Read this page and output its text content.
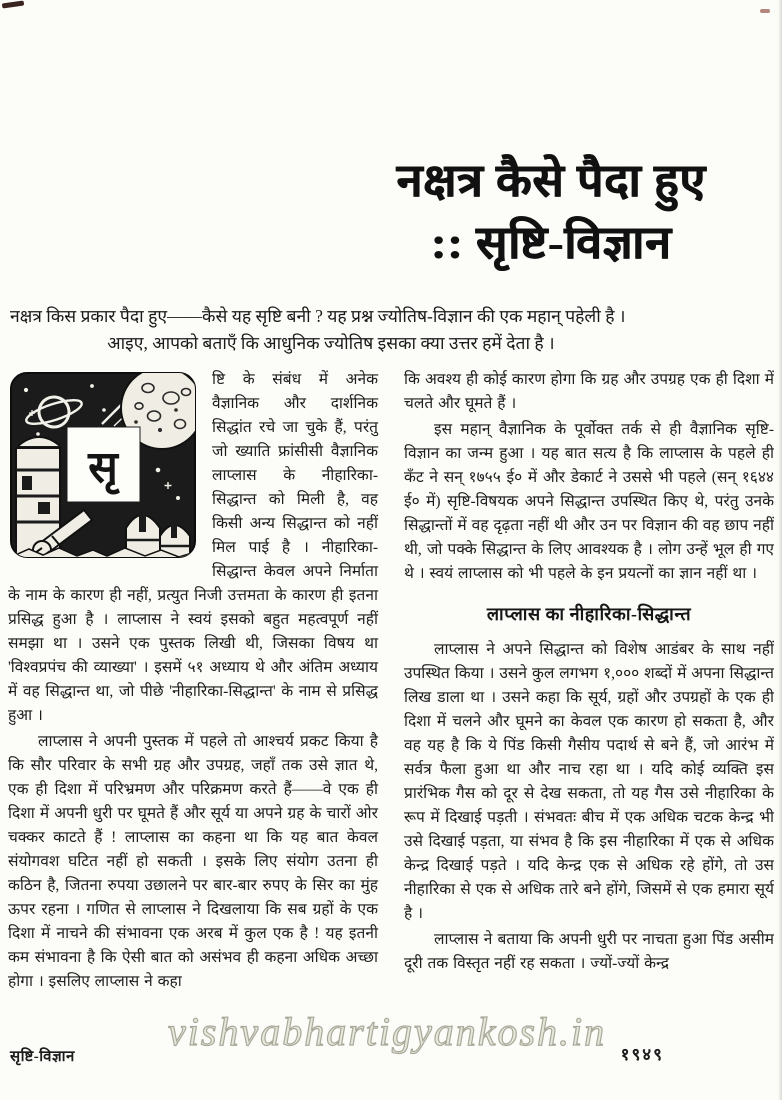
नक्षत्र कैसे पैदा हुए
:: सृष्टि-विज्ञान
नक्षत्र किस प्रकार पैदा हुए——कैसे यह सृष्टि बनी ? यह प्रश्न ज्योतिष-विज्ञान की एक महान् पहेली है ।
आइए, आपको बताएँ कि आधुनिक ज्योतिष इसका क्या उत्तर हमें देता है ।
सृ

ष्टि के संबंध में अनेक वैज्ञानिक और दार्शनिक सिद्धांत रचे जा चुके हैं, परंतु जो ख्याति फ्रांसीसी वैज्ञानिक लाप्लास के नीहारिका-सिद्धान्त को मिली है, वह किसी अन्य सिद्धान्त को नहीं मिल पाई है । नीहारिका-सिद्धान्त केवल अपने निर्माता के नाम के कारण ही नहीं, प्रत्युत निजी उत्तमता के कारण ही इतना प्रसिद्ध हुआ है । लाप्लास ने स्वयं इसको बहुत महत्वपूर्ण नहीं समझा था । उसने एक पुस्तक लिखी थी, जिसका विषय था 'विश्वप्रपंच की व्याख्या' । इसमें ५१ अध्याय थे और अंतिम अध्याय में वह सिद्धान्त था, जो पीछे 'नीहारिका-सिद्धान्त' के नाम से प्रसिद्ध हुआ ।

लाप्लास ने अपनी पुस्तक में पहले तो आश्चर्य प्रकट किया है कि सौर परिवार के सभी ग्रह और उपग्रह, जहाँ तक उसे ज्ञात थे, एक ही दिशा में परिभ्रमण और परिक्रमण करते हैं——वे एक ही दिशा में अपनी धुरी पर घूमते हैं और सूर्य या अपने ग्रह के चारों ओर चक्कर काटते हैं ! लाप्लास का कहना था कि यह बात केवल संयोगवश घटित नहीं हो सकती । इसके लिए संयोग उतना ही कठिन है, जितना रुपया उछालने पर बार-बार रुपए के सिर का मुंह ऊपर रहना । गणित से लाप्लास ने दिखलाया कि सब ग्रहों के एक दिशा में नाचने की संभावना एक अरब में कुल एक है ! यह इतनी कम संभावना है कि ऐसी बात को असंभव ही कहना अधिक अच्छा होगा । इसलिए लाप्लास ने कहा

कि अवश्य ही कोई कारण होगा कि ग्रह और उपग्रह एक ही दिशा में चलते और घूमते हैं ।

इस महान् वैज्ञानिक के पूर्वोक्त तर्क से ही वैज्ञानिक सृष्टि-विज्ञान का जन्म हुआ । यह बात सत्य है कि लाप्लास के पहले ही कँट ने सन् १७५५ ई० में और डेकार्ट ने उससे भी पहले (सन् १६४४ ई० में) सृष्टि-विषयक अपने सिद्धान्त उपस्थित किए थे, परंतु उनके सिद्धान्तों में वह दृढ़ता नहीं थी और उन पर विज्ञान की वह छाप नहीं थी, जो पक्के सिद्धान्त के लिए आवश्यक है । लोग उन्हें भूल ही गए थे । स्वयं लाप्लास को भी पहले के इन प्रयत्नों का ज्ञान नहीं था ।

लाप्लास का नीहारिका-सिद्धान्त

लाप्लास ने अपने सिद्धान्त को विशेष आडंबर के साथ नहीं उपस्थित किया । उसने कुल लगभग १,००० शब्दों में अपना सिद्धान्त लिख डाला था । उसने कहा कि सूर्य, ग्रहों और उपग्रहों के एक ही दिशा में चलने और घूमने का केवल एक कारण हो सकता है, और वह यह है कि ये पिंड किसी गैसीय पदार्थ से बने हैं, जो आरंभ में सर्वत्र फैला हुआ था और नाच रहा था । यदि कोई व्यक्ति इस प्रारंभिक गैस को दूर से देख सकता, तो यह गैस उसे नीहारिका के रूप में दिखाई पड़ती । संभवतः बीच में एक अधिक चटक केन्द्र भी उसे दिखाई पड़ता, या संभव है कि इस नीहारिका में एक से अधिक केन्द्र दिखाई पड़ते । यदि केन्द्र एक से अधिक रहे होंगे, तो उस नीहारिका से एक से अधिक तारे बने होंगे, जिसमें से एक हमारा सूर्य है ।

लाप्लास ने बताया कि अपनी धुरी पर नाचता हुआ पिंड असीम दूरी तक विस्तृत नहीं रह सकता । ज्यों-ज्यों केन्द्र

vishvabhartigyankosh.in
सृष्टि-विज्ञान	१९४९
